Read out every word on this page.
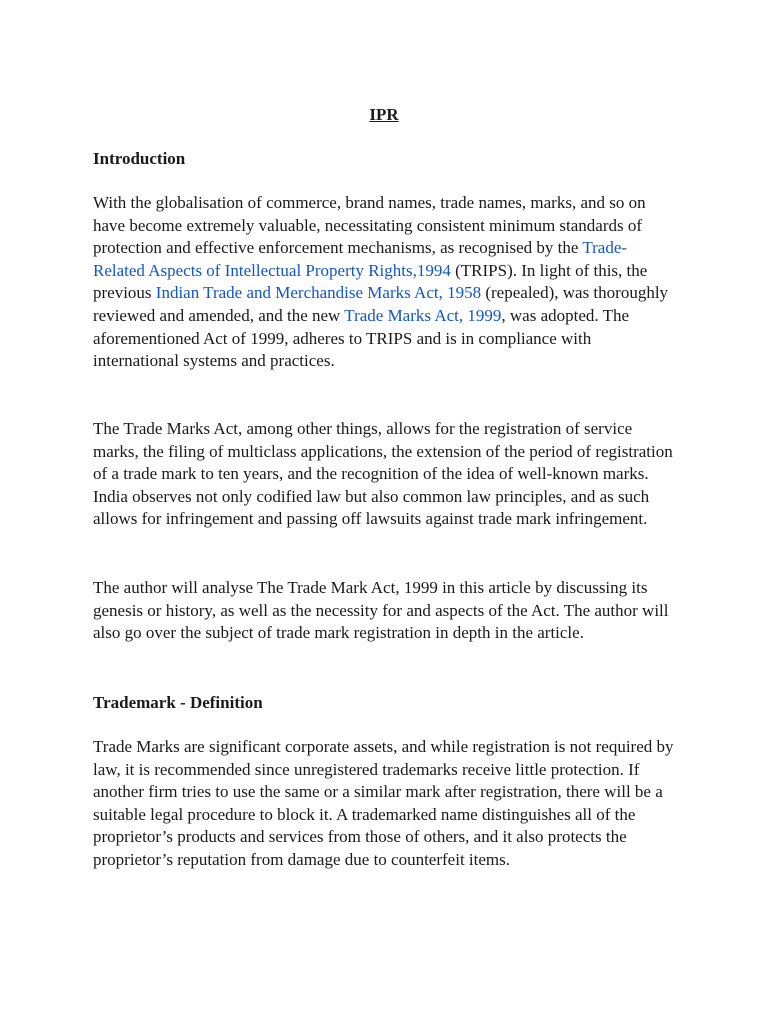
IPR
Introduction

With the globalisation of commerce, brand names, trade names, marks, and so on have become extremely valuable, necessitating consistent minimum standards of protection and effective enforcement mechanisms, as recognised by the Trade-Related Aspects of Intellectual Property Rights,1994 (TRIPS). In light of this, the previous Indian Trade and Merchandise Marks Act, 1958 (repealed), was thoroughly reviewed and amended, and the new Trade Marks Act, 1999, was adopted. The aforementioned Act of 1999, adheres to TRIPS and is in compliance with international systems and practices.

The Trade Marks Act, among other things, allows for the registration of service marks, the filing of multiclass applications, the extension of the period of registration of a trade mark to ten years, and the recognition of the idea of well-known marks. India observes not only codified law but also common law principles, and as such allows for infringement and passing off lawsuits against trade mark infringement.

The author will analyse The Trade Mark Act, 1999 in this article by discussing its genesis or history, as well as the necessity for and aspects of the Act. The author will also go over the subject of trade mark registration in depth in the article.

Trademark - Definition

Trade Marks are significant corporate assets, and while registration is not required by law, it is recommended since unregistered trademarks receive little protection. If another firm tries to use the same or a similar mark after registration, there will be a suitable legal procedure to block it. A trademarked name distinguishes all of the proprietor’s products and services from those of others, and it also protects the proprietor’s reputation from damage due to counterfeit items.
